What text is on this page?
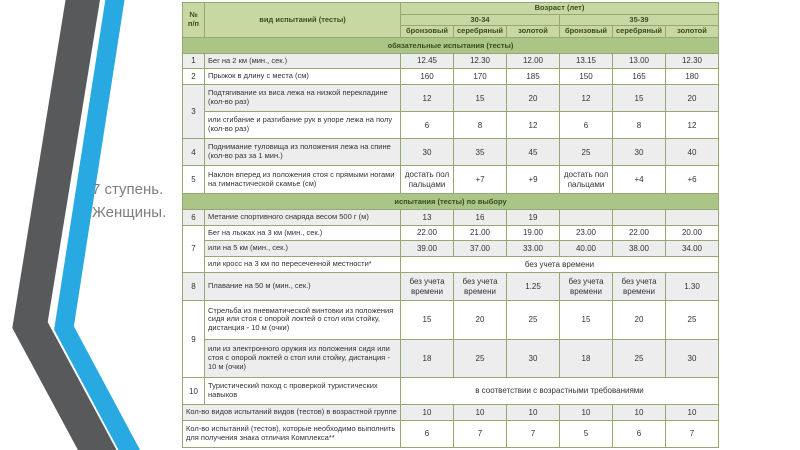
7 ступень.
Женщины.
№ п/п	вид испытаний (тесты)	Возраст (лет)					
		30-34			35-39		
		бронзовый	серебряный	золотой	бронзовый	серебряный	золотой
обязательные испытания (тесты)							
1	Бег на 2 км (мин., сек.)	12.45	12.30	12.00	13.15	13.00	12.30
2	Прыжок в длину с места (см)	160	170	185	150	165	180
3	Подтягивание из виса лежа на низкой перекладине (кол-во раз)	12	15	20	12	15	20
	или сгибание и разгибание рук в упоре лежа на полу (кол-во раз)	6	8	12	6	8	12
4	Поднимание туловища из положения лежа на спине (кол-во раз за 1 мин.)	30	35	45	25	30	40
5	Наклон вперед из положения стоя с прямыми ногами на гимнастической скамье (см)	достать пол пальцами	+7	+9	достать пол пальцами	+4	+6
испытания (тесты) по выбору							
6	Метание спортивного снаряда весом 500 г (м)	13	16	19			
7	Бег на лыжах на 3 км (мин., сек.)	22.00	21.00	19.00	23.00	22.00	20.00
	или на 5 км (мин., сек.)	39.00	37.00	33.00	40.00	38.00	34.00
	или кросс на 3 км по пересеченной местности*	без учета времени					
8	Плавание на 50 м (мин., сек.)	без учета времени	без учета времени	1.25	без учета времени	без учета времени	1.30
9	Стрельба из пневматической винтовки из положения сидя или стоя с опорой локтей о стол или стойку, дистанция - 10 м (очки)	15	20	25	15	20	25
	или из электронного оружия из положения сидя или стоя с опорой локтей о стол или стойку, дистанция - 10 м (очки)	18	25	30	18	25	30
10	Туристический поход с проверкой туристических навыков	в соответствии с возрастными требованиями					
Кол-во видов испытаний видов (тестов) в возрастной группе		10	10	10	10	10	10
Кол-во испытаний (тестов), которые необходимо выполнить для получения знака отличия Комплекса**		6	7	7	5	6	7
